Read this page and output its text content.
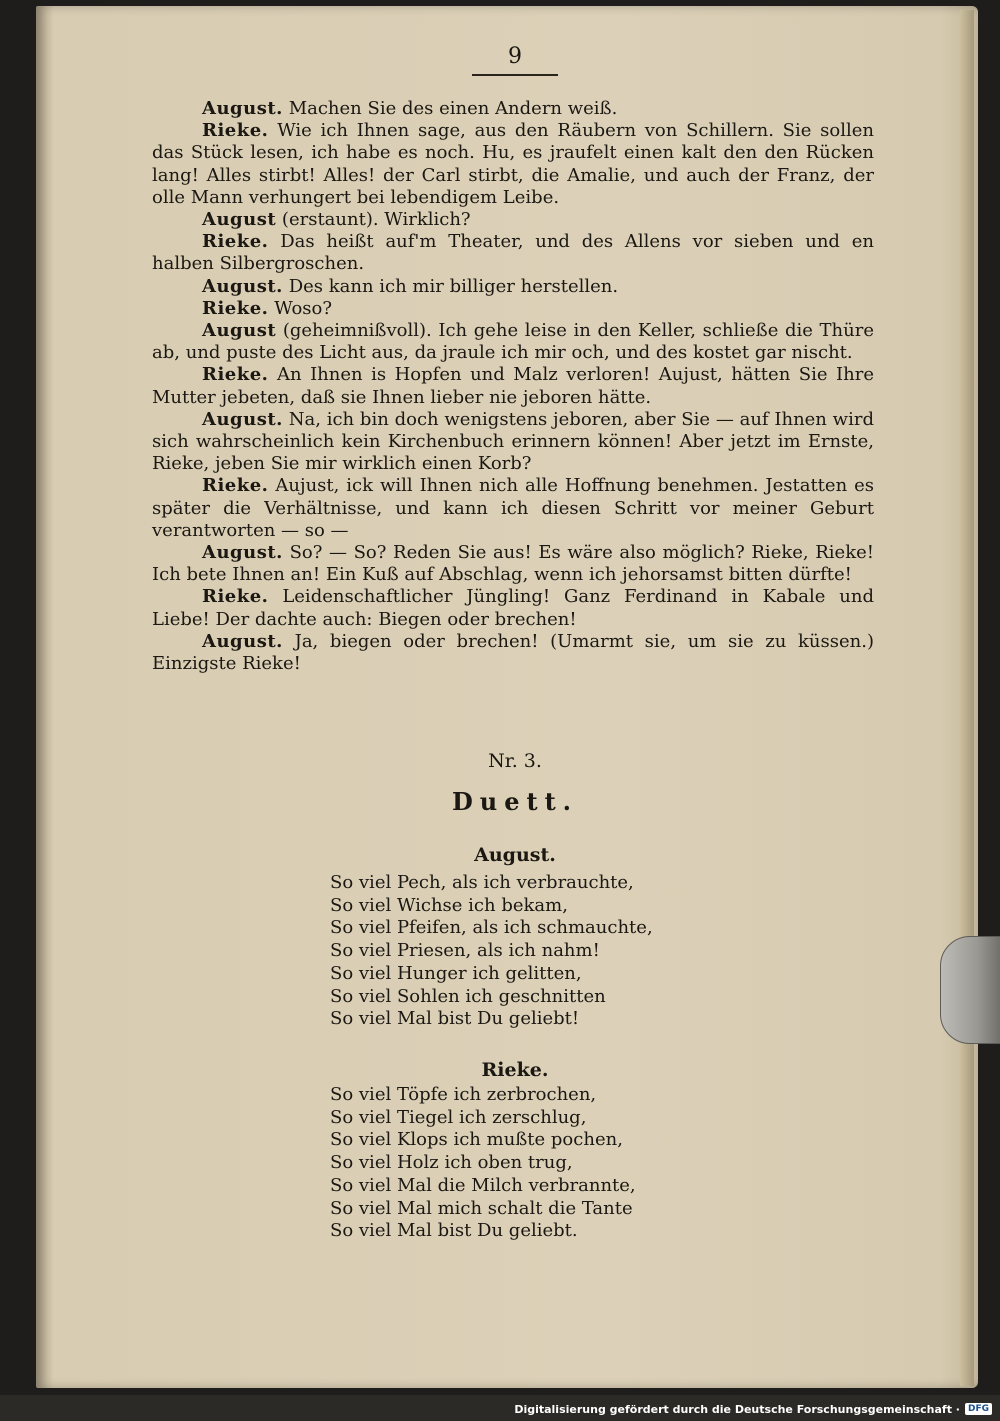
9

August. Machen Sie des einen Andern weiß.

Rieke. Wie ich Ihnen sage, aus den Räubern von Schillern. Sie sollen das Stück lesen, ich habe es noch. Hu, es jraufelt einen kalt den den Rücken lang! Alles stirbt! Alles! der Carl stirbt, die Amalie, und auch der Franz, der olle Mann verhungert bei lebendigem Leibe.

August (erstaunt). Wirklich?

Rieke. Das heißt auf'm Theater, und des Allens vor sieben und en halben Silbergroschen.

August. Des kann ich mir billiger herstellen.

Rieke. Woso?

August (geheimnißvoll). Ich gehe leise in den Keller, schließe die Thüre ab, und puste des Licht aus, da jraule ich mir och, und des kostet gar nischt.

Rieke. An Ihnen is Hopfen und Malz verloren! Aujust, hätten Sie Ihre Mutter jebeten, daß sie Ihnen lieber nie jeboren hätte.

August. Na, ich bin doch wenigstens jeboren, aber Sie — auf Ihnen wird sich wahrscheinlich kein Kirchenbuch erinnern können! Aber jetzt im Ernste, Rieke, jeben Sie mir wirklich einen Korb?

Rieke. Aujust, ick will Ihnen nich alle Hoffnung benehmen. Jestatten es später die Verhältnisse, und kann ich diesen Schritt vor meiner Geburt verantworten — so —

August. So? — So? Reden Sie aus! Es wäre also möglich? Rieke, Rieke! Ich bete Ihnen an! Ein Kuß auf Abschlag, wenn ich jehorsamst bitten dürfte!

Rieke. Leidenschaftlicher Jüngling! Ganz Ferdinand in Kabale und Liebe! Der dachte auch: Biegen oder brechen!

August. Ja, biegen oder brechen! (Umarmt sie, um sie zu küssen.) Einzigste Rieke!

Nr. 3.
Duett.
August.
So viel Pech, als ich verbrauchte,
So viel Wichse ich bekam,
So viel Pfeifen, als ich schmauchte,
So viel Priesen, als ich nahm!
So viel Hunger ich gelitten,
So viel Sohlen ich geschnitten
So viel Mal bist Du geliebt!
Rieke.
So viel Töpfe ich zerbrochen,
So viel Tiegel ich zerschlug,
So viel Klops ich mußte pochen,
So viel Holz ich oben trug,
So viel Mal die Milch verbrannte,
So viel Mal mich schalt die Tante
So viel Mal bist Du geliebt.
Digitalisierung gefördert durch die Deutsche Forschungsgemeinschaft · DFG
